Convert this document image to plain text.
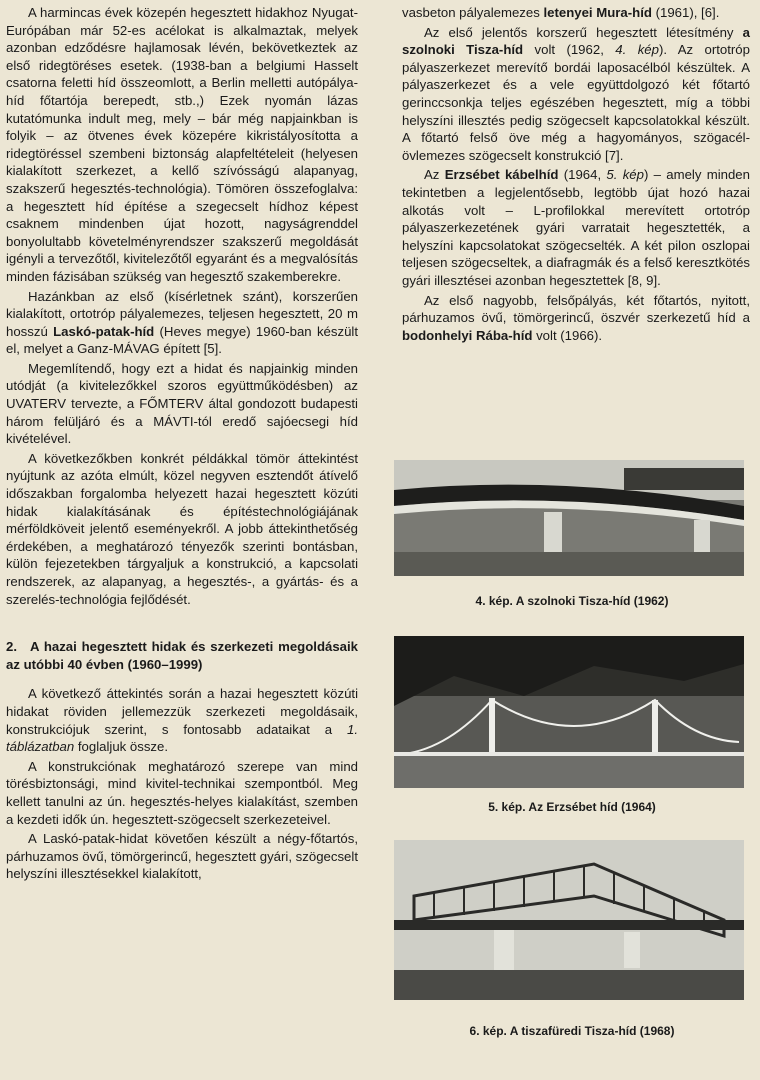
A harmincas évek közepén hegesztett hidakhoz Nyugat-Európában már 52-es acélokat is alkalmaztak, melyek azonban edződésre hajlamosak lévén, bekövetkeztek az első ridegtöréses esetek. (1938-ban a belgiumi Hasselt csatorna feletti híd összeomlott, a Berlin melletti autópálya-híd főtartója berepedt, stb.,) Ezek nyomán lázas kutatómunka indult meg, mely – bár még napjainkban is folyik – az ötvenes évek közepére kikristályosította a ridegtöréssel szembeni biztonság alapfeltételeit (helyesen kialakított szerkezet, a kellő szívósságú alapanyag, szakszerű hegesztés-technológia). Tömören összefoglalva: a hegesztett híd építése a szegecselt hídhoz képest csaknem mindenben újat hozott, nagyságrenddel bonyolultabb követelményrendszer szakszerű megoldását igényli a tervezőtől, kivitelezőtől egyaránt és a megvalósítás minden fázisában szükség van hegesztő szakemberekre.

Hazánkban az első (kísérletnek szánt), korszerűen kialakított, ortotróp pályalemezes, teljesen hegesztett, 20 m hosszú Laskó-patak-híd (Heves megye) 1960-ban készült el, melyet a Ganz-MÁVAG épített [5].

Megemlítendő, hogy ezt a hidat és napjainkig minden utódját (a kivitelezőkkel szoros együttműködésben) az UVATERV tervezte, a FŐMTERV által gondozott budapesti három felüljáró és a MÁVTI-tól eredő sajóecsegi híd kivételével.

A következőkben konkrét példákkal tömör áttekintést nyújtunk az azóta elmúlt, közel negyven esztendőt átívelő időszakban forgalomba helyezett hazai hegesztett közúti hidak kialakításának és építéstechnológiájának mérföldköveit jelentő eseményekről. A jobb áttekinthetőség érdekében, a meghatározó tényezők szerinti bontásban, külön fejezetekben tárgyaljuk a konstrukció, a kapcsolati rendszerek, az alapanyag, a hegesztés-, a gyártás- és a szerelés-technológia fejlődését.

2. A hazai hegesztett hidak és szerkezeti megoldásaik az utóbbi 40 évben (1960–1999)

A következő áttekintés során a hazai hegesztett közúti hidakat röviden jellemezzük szerkezeti megoldásaik, konstrukciójuk szerint, s fontosabb adataikat a 1. táblázatban foglaljuk össze.

A konstrukciónak meghatározó szerepe van mind törésbiztonsági, mind kivitel-technikai szempontból. Meg kellett tanulni az ún. hegesztés-helyes kialakítást, szemben a kezdeti idők ún. hegesztett-szögecselt szerkezeteivel.

A Laskó-patak-hidat követően készült a négy-főtartós, párhuzamos övű, tömörgerincű, hegesztett gyári, szögecselt helyszíni illesztésekkel kialakított,

vasbeton pályalemezes letenyei Mura-híd (1961), [6].

Az első jelentős korszerű hegesztett létesítmény a szolnoki Tisza-híd volt (1962, 4. kép). Az ortotróp pályaszerkezet merevítő bordái laposacélból készültek. A pályaszerkezet és a vele együttdolgozó két főtartó gerinccsonkja teljes egészében hegesztett, míg a többi helyszíni illesztés pedig szögecselt kapcsolatokkal készült. A főtartó felső öve még a hagyományos, szögacél-övlemezes szögecselt konstrukció [7].

Az Erzsébet kábelhíd (1964, 5. kép) – amely minden tekintetben a legjelentősebb, legtöbb újat hozó hazai alkotás volt – L-profilokkal merevített ortotróp pályaszerkezetének gyári varratait hegesztették, a helyszíni kapcsolatokat szögecselték. A két pilon oszlopai teljesen szögecseltek, a diafragmák és a felső keresztkötés gyári illesztései azonban hegesztettek [8, 9].

Az első nagyobb, felsőpályás, két főtartós, nyitott, párhuzamos övű, tömörgerincű, öszvér szerkezetű híd a bodonhelyi Rába-híd volt (1966).

4. kép. A szolnoki Tisza-híd (1962)
5. kép. Az Erzsébet híd (1964)
6. kép. A tiszafüredi Tisza-híd (1968)
